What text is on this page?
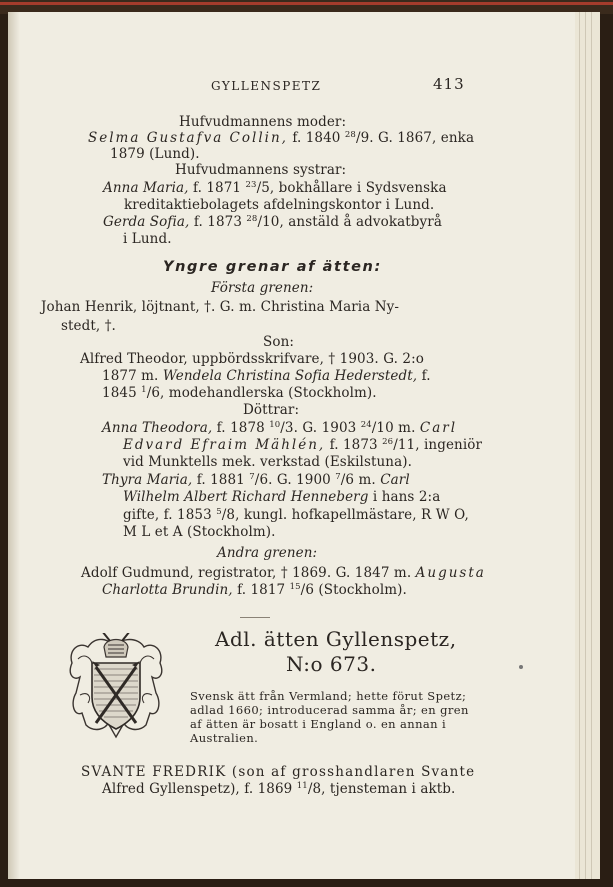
GYLLENSPETZ	413
Hufvudmannens moder:
Selma Gustafva Collin, f. 1840 $^{28}$/9. G. 1867, enka
1879 (Lund).
Hufvudmannens systrar:
Anna Maria, f. 1871 $^{23}$/5, bokhållare i Sydsvenska
kreditaktiebolagets afdelningskontor i Lund.
Gerda Sofia, f. 1873 $^{28}$/10, anstäld å advokatbyrå
i Lund.
Yngre grenar af ätten:
Första grenen:
Johan Henrik, löjtnant, †. G. m. Christina Maria Ny-
stedt, †.
Son:
Alfred Theodor, uppbördsskrifvare, † 1903. G. 2:o
1877 m. Wendela Christina Sofia Hederstedt, f.
1845 $^1$/6, modehandlerska (Stockholm).
Döttrar:
Anna Theodora, f. 1878 $^{10}$/3. G. 1903 $^{24}$/10 m. Carl
Edvard Efraim Mählén, f. 1873 $^{26}$/11, ingeniör
vid Munktells mek. verkstad (Eskilstuna).
Thyra Maria, f. 1881 $^7$/6. G. 1900 $^7$/6 m. Carl
Wilhelm Albert Richard Henneberg i hans 2:a
gifte, f. 1853 $^5$/8, kungl. hofkapellmästare, R W O,
M L et A (Stockholm).
Andra grenen:
Adolf Gudmund, registrator, † 1869. G. 1847 m. Augusta
Charlotta Brundin, f. 1817 $^{15}$/6 (Stockholm).
Adl. ätten Gyllenspetz,
N:o 673.
Svensk ätt från Vermland; hette förut Spetz;
adlad 1660; introducerad samma år; en gren
af ätten är bosatt i England o. en annan i
Australien.
SVANTE FREDRIK (son af grosshandlaren Svante
Alfred Gyllenspetz), f. 1869 $^{11}$/8, tjensteman i aktb.
